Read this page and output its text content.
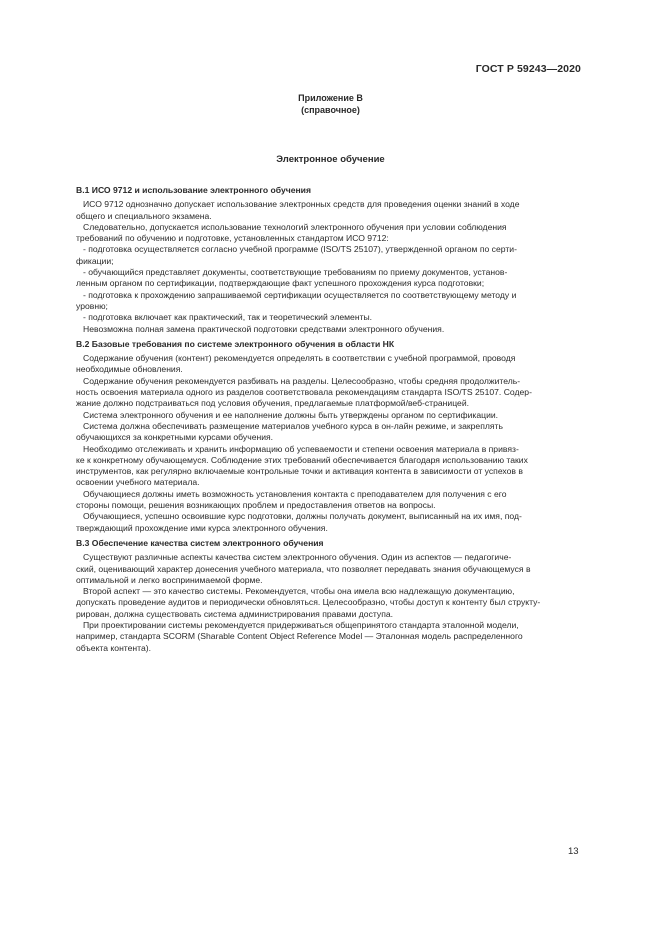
ГОСТ Р 59243—2020
Приложение В
(справочное)
Электронное обучение
В.1 ИСО 9712 и использование электронного обучения
ИСО 9712 однозначно допускает использование электронных средств для проведения оценки знаний в ходе
общего и специального экзамена.
Следовательно, допускается использование технологий электронного обучения при условии соблюдения
требований по обучению и подготовке, установленных стандартом ИСО 9712:
- подготовка осуществляется согласно учебной программе (ISO/TS 25107), утвержденной органом по серти-
фикации;
- обучающийся представляет документы, соответствующие требованиям по приему документов, установ-
ленным органом по сертификации, подтверждающие факт успешного прохождения курса подготовки;
- подготовка к прохождению запрашиваемой сертификации осуществляется по соответствующему методу и
уровню;
- подготовка включает как практический, так и теоретический элементы.
Невозможна полная замена практической подготовки средствами электронного обучения.
В.2 Базовые требования по системе электронного обучения в области НК
Содержание обучения (контент) рекомендуется определять в соответствии с учебной программой, проводя
необходимые обновления.
Содержание обучения рекомендуется разбивать на разделы. Целесообразно, чтобы средняя продолжитель-
ность освоения материала одного из разделов соответствовала рекомендациям стандарта ISO/TS 25107. Содер-
жание должно подстраиваться под условия обучения, предлагаемые платформой/веб-страницей.
Система электронного обучения и ее наполнение должны быть утверждены органом по сертификации.
Система должна обеспечивать размещение материалов учебного курса в он-лайн режиме, и закреплять
обучающихся за конкретными курсами обучения.
Необходимо отслеживать и хранить информацию об успеваемости и степени освоения материала в привяз-
ке к конкретному обучающемуся. Соблюдение этих требований обеспечивается благодаря использованию таких
инструментов, как регулярно включаемые контрольные точки и активация контента в зависимости от успехов в
освоении учебного материала.
Обучающиеся должны иметь возможность установления контакта с преподавателем для получения с его
стороны помощи, решения возникающих проблем и предоставления ответов на вопросы.
Обучающиеся, успешно освоившие курс подготовки, должны получать документ, выписанный на их имя, под-
тверждающий прохождение ими курса электронного обучения.
В.3 Обеспечение качества систем электронного обучения
Существуют различные аспекты качества систем электронного обучения. Один из аспектов — педагогиче-
ский, оценивающий характер донесения учебного материала, что позволяет передавать знания обучающемуся в
оптимальной и легко воспринимаемой форме.
Второй аспект — это качество системы. Рекомендуется, чтобы она имела всю надлежащую документацию,
допускать проведение аудитов и периодически обновляться. Целесообразно, чтобы доступ к контенту был структу-
рирован, должна существовать система администрирования правами доступа.
При проектировании системы рекомендуется придерживаться общепринятого стандарта эталонной модели,
например, стандарта SCORM (Sharable Content Object Reference Model — Эталонная модель распределенного
объекта контента).
13
